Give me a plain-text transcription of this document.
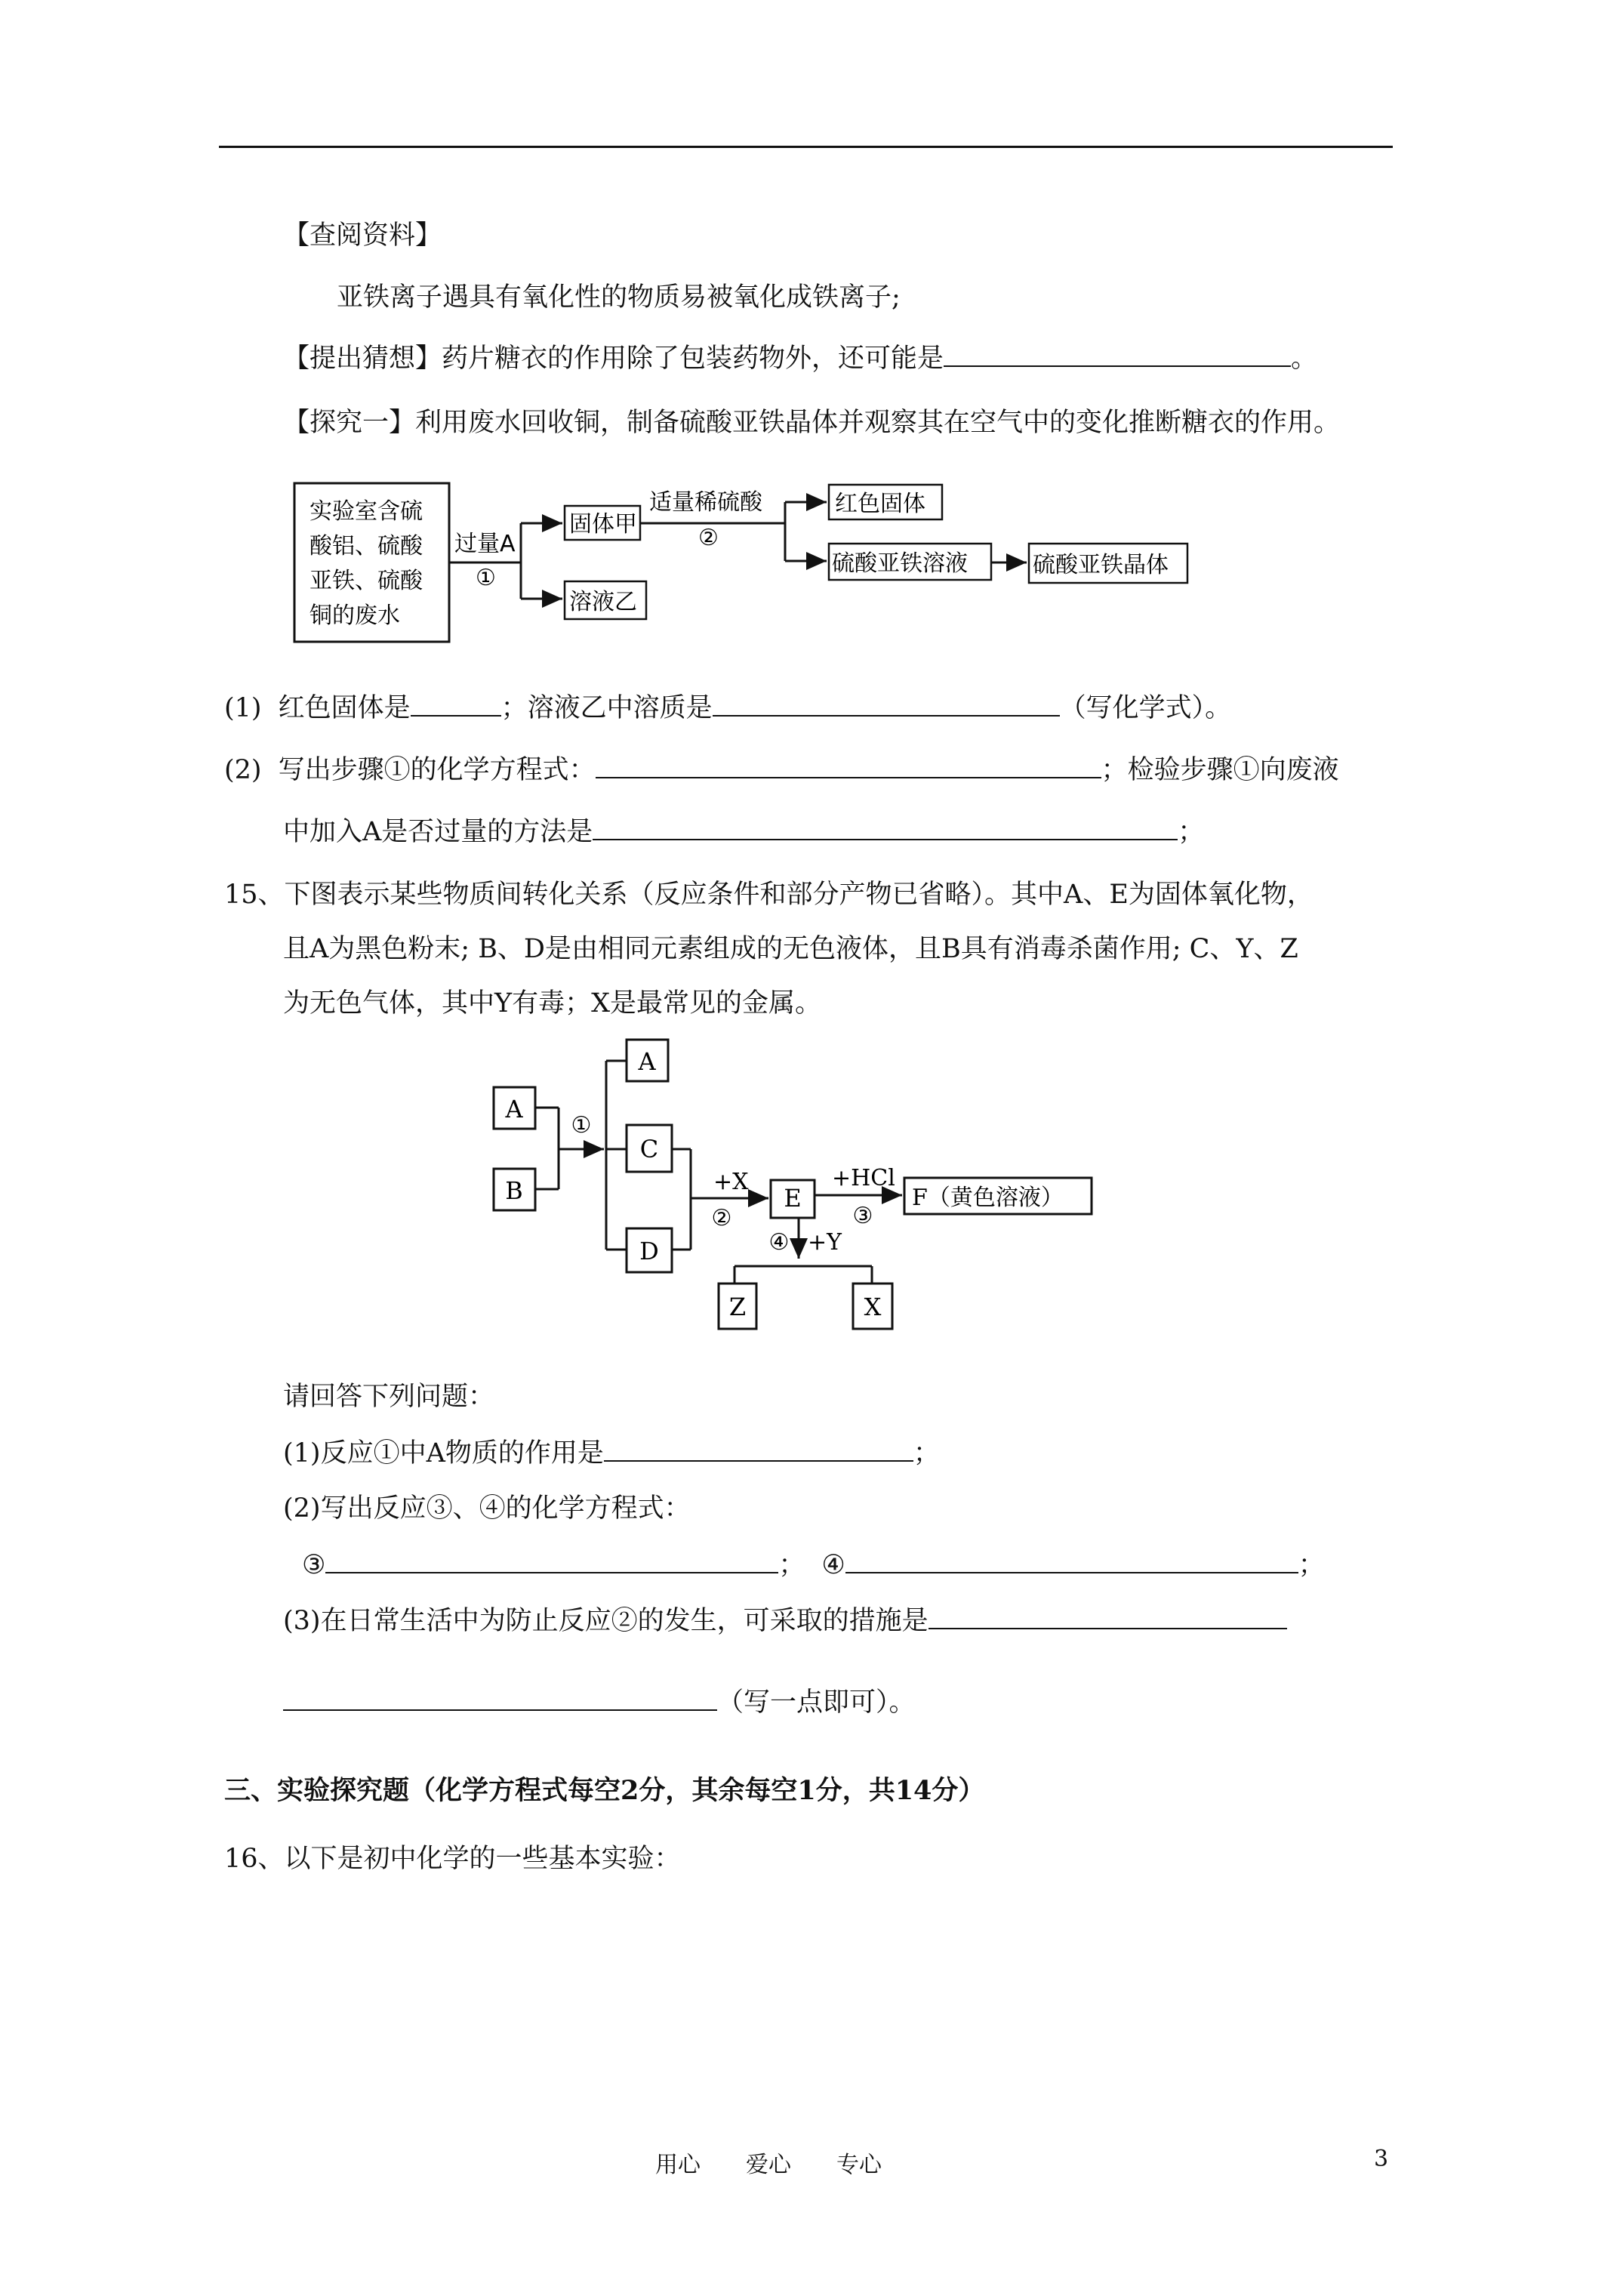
【查阅资料】
亚铁离子遇具有氧化性的物质易被氧化成铁离子;
【提出猜想】药片糖衣的作用除了包装药物外，还可能是	。
【探究一】利用废水回收铜，制备硫酸亚铁晶体并观察其在空气中的变化推断糖衣的作用。
实验室含硫
酸铝、硫酸
亚铁、硫酸
铜的废水
过量A
①
固体甲
溶液乙
适量稀硫酸
②
红色固体
硫酸亚铁溶液	硫酸亚铁晶体
(1) 红色固体是	；溶液乙中溶质是	（写化学式）。
(2) 写出步骤①的化学方程式：	；检验步骤①向废液
中加入A是否过量的方法是	；
15、下图表示某些物质间转化关系（反应条件和部分产物已省略）。其中A、E为固体氧化物，
且A为黑色粉末; B、D是由相同元素组成的无色液体，且B具有消毒杀菌作用; C、Y、Z
为无色气体，其中Y有毒；X是最常见的金属。
A
B
①
A
C
D
+X
②
E
+HCl
③
F（黄色溶液）
④ +Y
Z	X
请回答下列问题：
(1)反应①中A物质的作用是	；
(2)写出反应③、④的化学方程式：
③	； ④	；
(3)在日常生活中为防止反应②的发生，可采取的措施是
（写一点即可）。
三、实验探究题（化学方程式每空2分，其余每空1分，共14分）
16、以下是初中化学的一些基本实验：
用心　　爱心　　专心	3
